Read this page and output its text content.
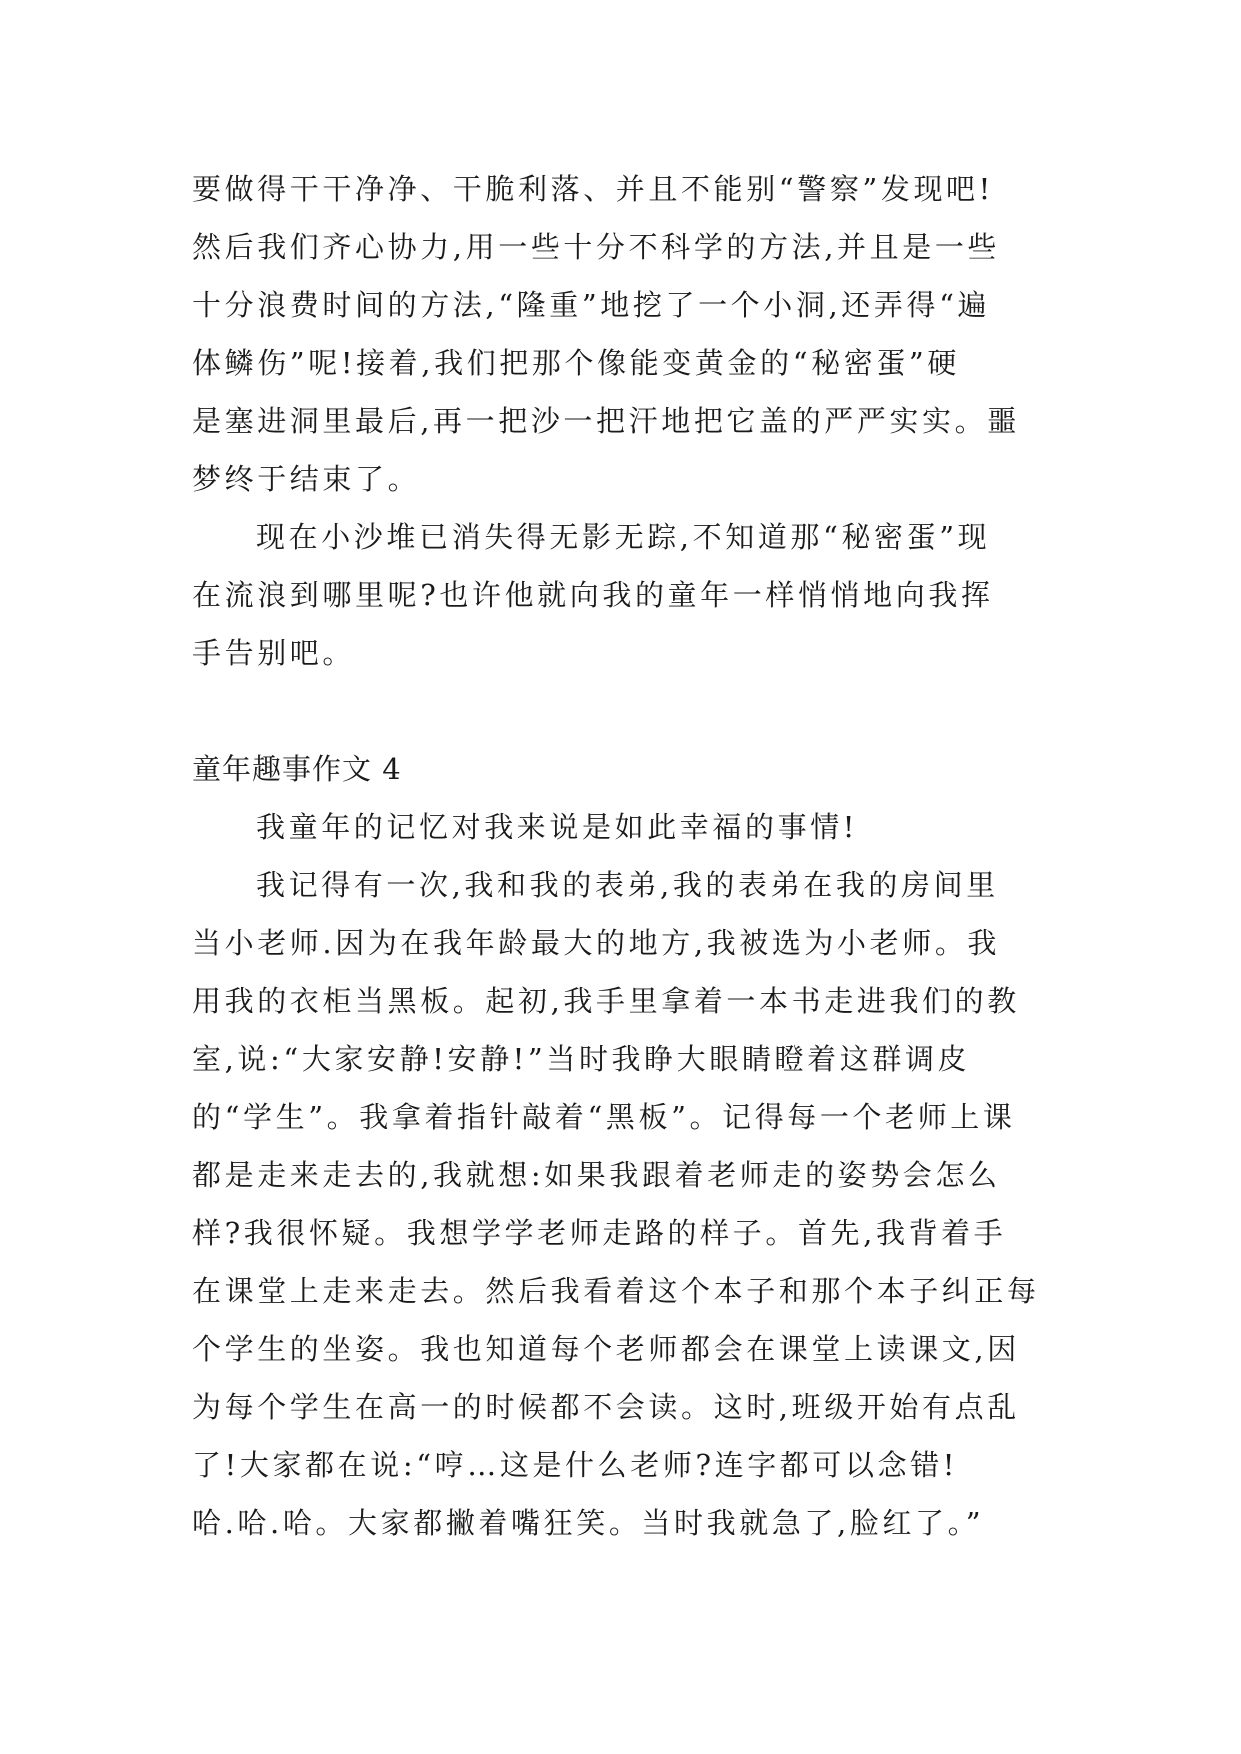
要做得干干净净、干脆利落、并且不能别“警察”发现吧!
然后我们齐心协力,用一些十分不科学的方法,并且是一些
十分浪费时间的方法,“隆重”地挖了一个小洞,还弄得“遍
体鳞伤”呢!接着,我们把那个像能变黄金的“秘密蛋”硬
是塞进洞里最后,再一把沙一把汗地把它盖的严严实实。噩
梦终于结束了。
现在小沙堆已消失得无影无踪,不知道那“秘密蛋”现
在流浪到哪里呢?也许他就向我的童年一样悄悄地向我挥
手告别吧。
童年趣事作文 4
我童年的记忆对我来说是如此幸福的事情!
我记得有一次,我和我的表弟,我的表弟在我的房间里
当小老师.因为在我年龄最大的地方,我被选为小老师。我
用我的衣柜当黑板。起初,我手里拿着一本书走进我们的教
室,说:“大家安静!安静!”当时我睁大眼睛瞪着这群调皮
的“学生”。我拿着指针敲着“黑板”。记得每一个老师上课
都是走来走去的,我就想:如果我跟着老师走的姿势会怎么
样?我很怀疑。我想学学老师走路的样子。首先,我背着手
在课堂上走来走去。然后我看着这个本子和那个本子纠正每
个学生的坐姿。我也知道每个老师都会在课堂上读课文,因
为每个学生在高一的时候都不会读。这时,班级开始有点乱
了!大家都在说:“哼…这是什么老师?连字都可以念错!
哈.哈.哈。大家都撇着嘴狂笑。当时我就急了,脸红了。”
